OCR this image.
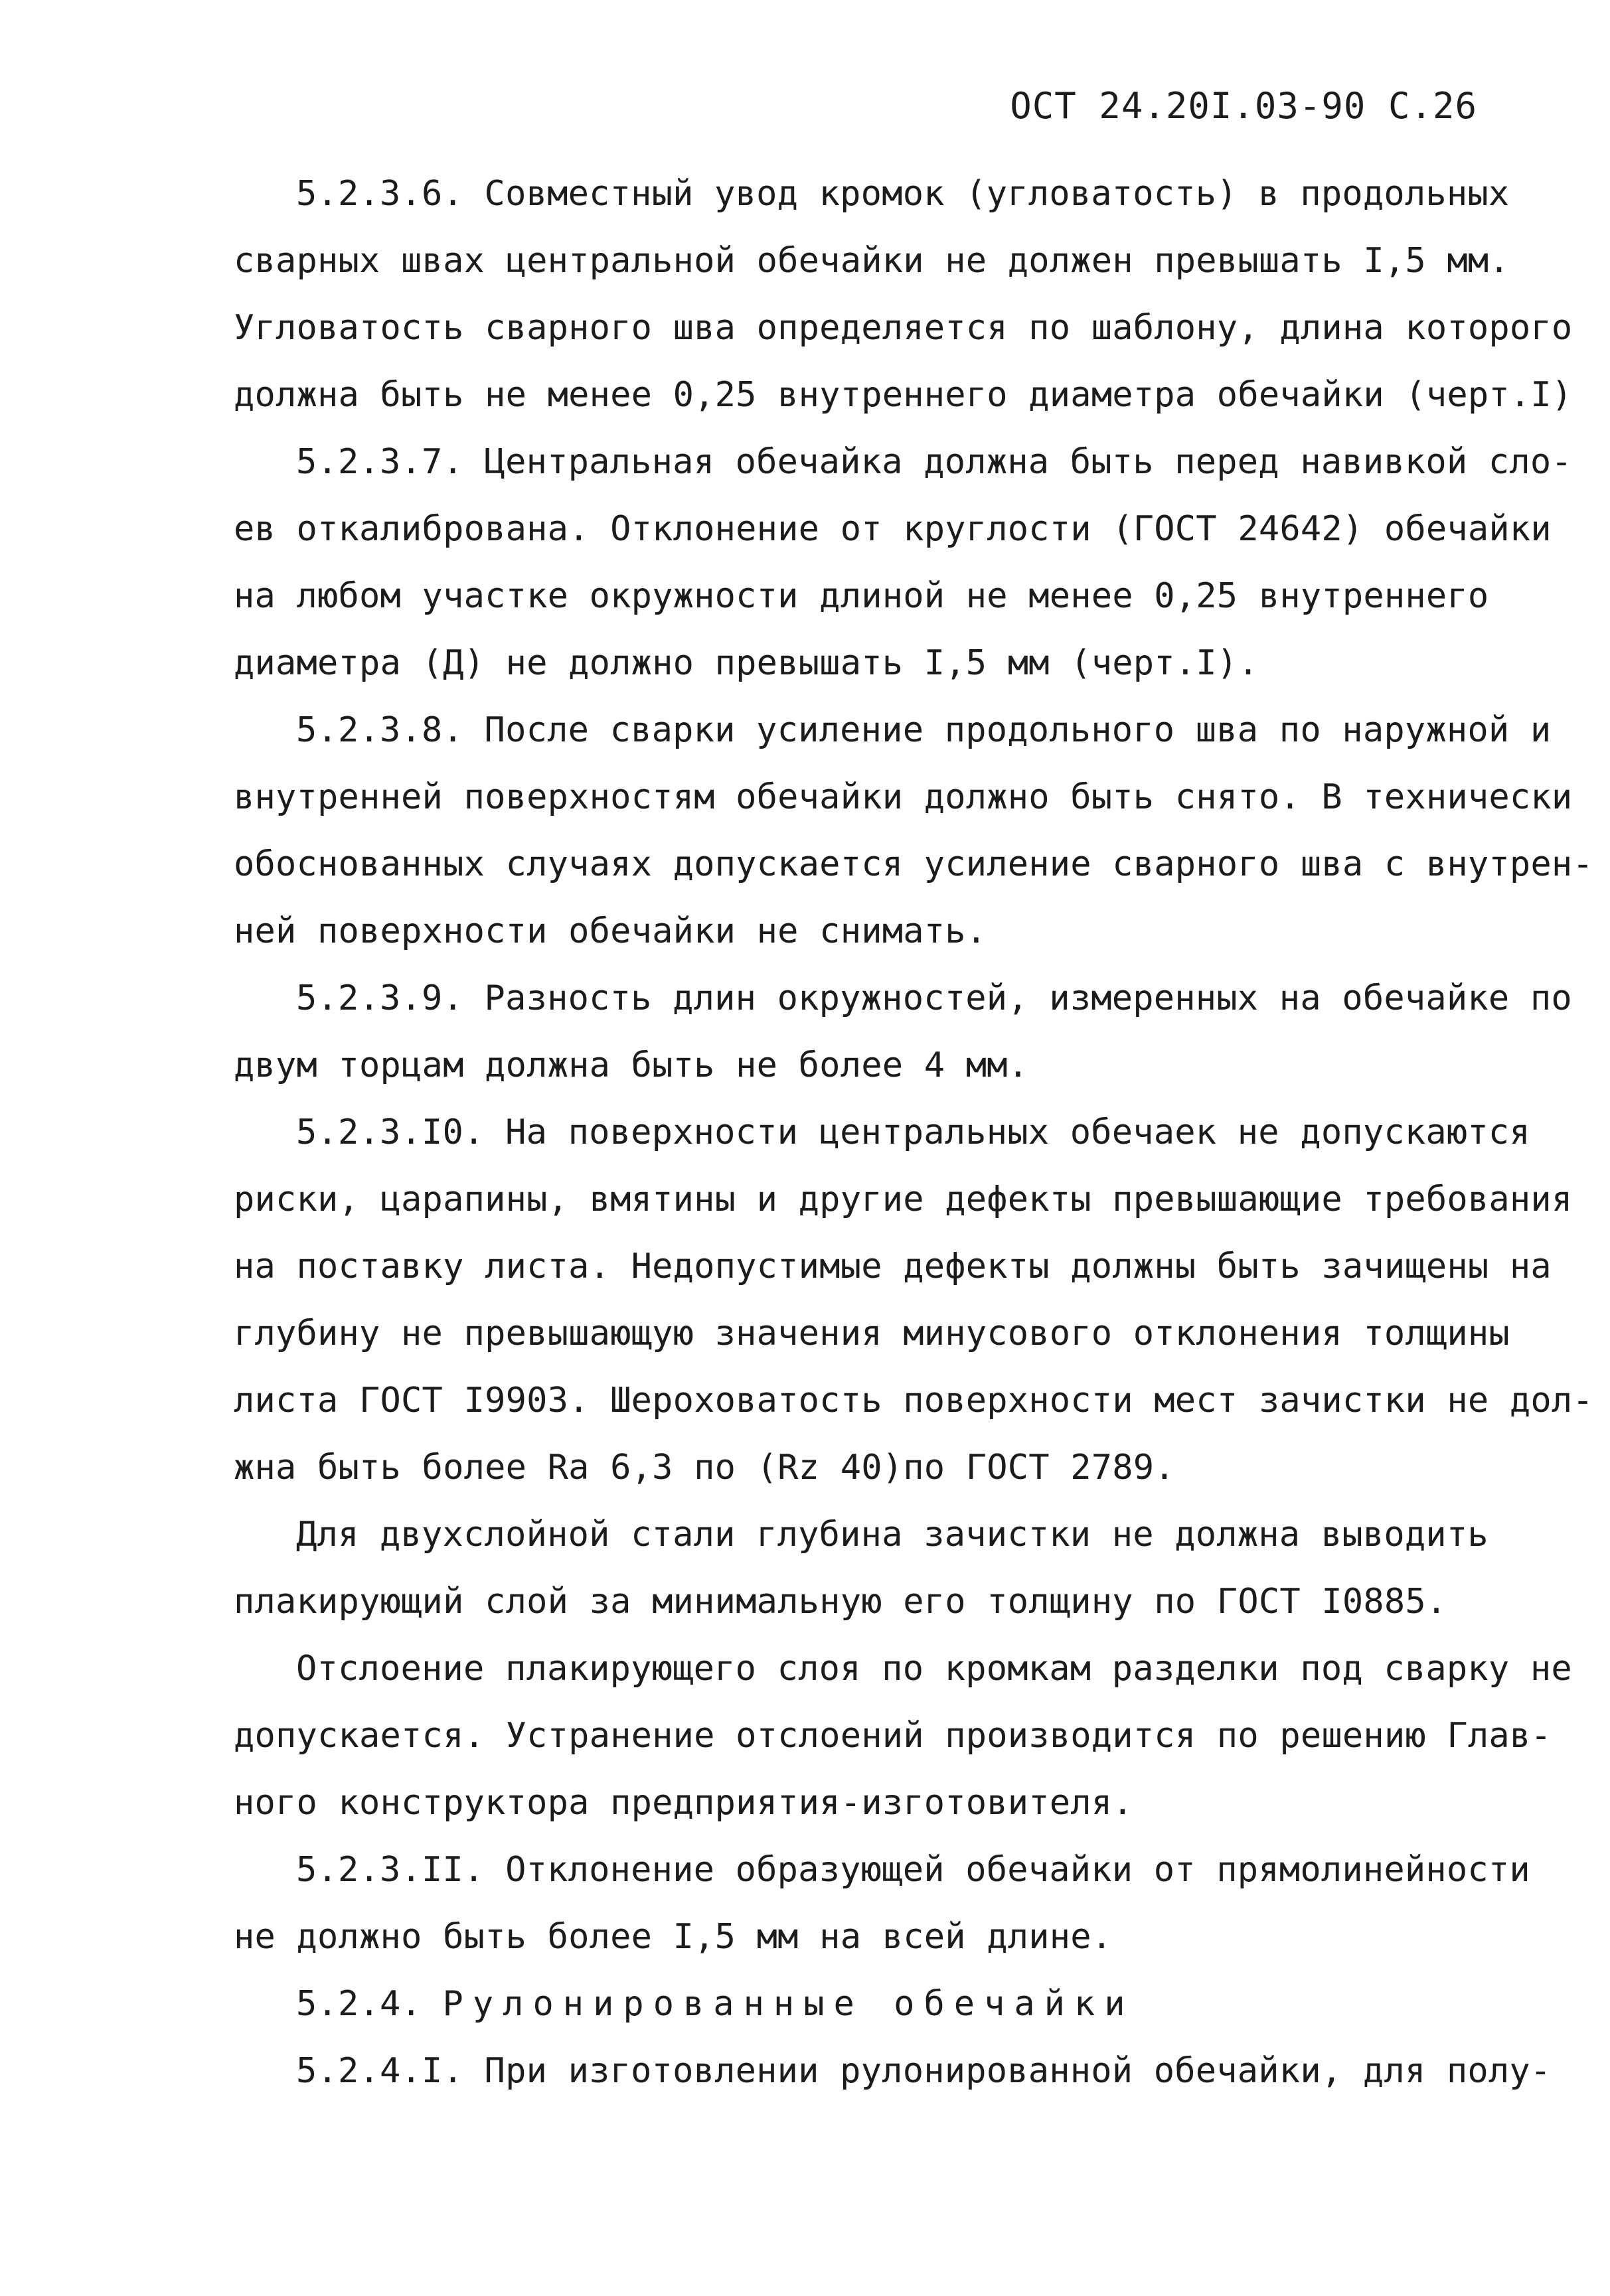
ОСТ 24.20I.03-90 С.26
5.2.3.6. Совместный увод кромок (угловатость) в продольных
сварных швах центральной обечайки не должен превышать I,5 мм.
Угловатость сварного шва определяется по шаблону, длина которого
должна быть не менее 0,25 внутреннего диаметра обечайки (черт.I)
5.2.3.7. Центральная обечайка должна быть перед навивкой сло-
ев откалиброванa. Отклонение от круглости (ГОСТ 24642) обечайки
на любом участке окружности длиной не менее 0,25 внутреннего
диаметра (Д) не должно превышать I,5 мм (черт.I).
5.2.3.8. После сварки усиление продольного шва по наружной и
внутренней поверхностям обечайки должно быть снято. В технически
обоснованных случаях допускается усиление сварного шва с внутрен-
ней поверхности обечайки не снимать.
5.2.3.9. Разность длин окружностей, измеренных на обечайке по
двум торцам должна быть не более 4 мм.
5.2.3.I0. На поверхности центральных обечаек не допускаются
риски, царапины, вмятины и другие дефекты превышающие требования
на поставку листа. Недопустимые дефекты должны быть зачищены на
глубину не превышающую значения минусового отклонения толщины
листа ГОСТ I9903. Шероховатость поверхности мест зачистки не дол-
жна быть более Ra 6,3 по (Rz 40)по ГОСТ 2789.
Для двухслойной стали глубина зачистки не должна выводить
плакирующий слой за минимальную его толщину по ГОСТ I0885.
Отслоение плакирующего слоя по кромкам разделки под сварку не
допускается. Устранение отслоений производится по решению Глав-
ного конструктора предприятия-изготовителя.
5.2.3.II. Отклонение образующей обечайки от прямолинейности
не должно быть более I,5 мм на всей длине.
5.2.4. Рулонированные обечайки
5.2.4.I. При изготовлении рулонированной обечайки, для полу-
